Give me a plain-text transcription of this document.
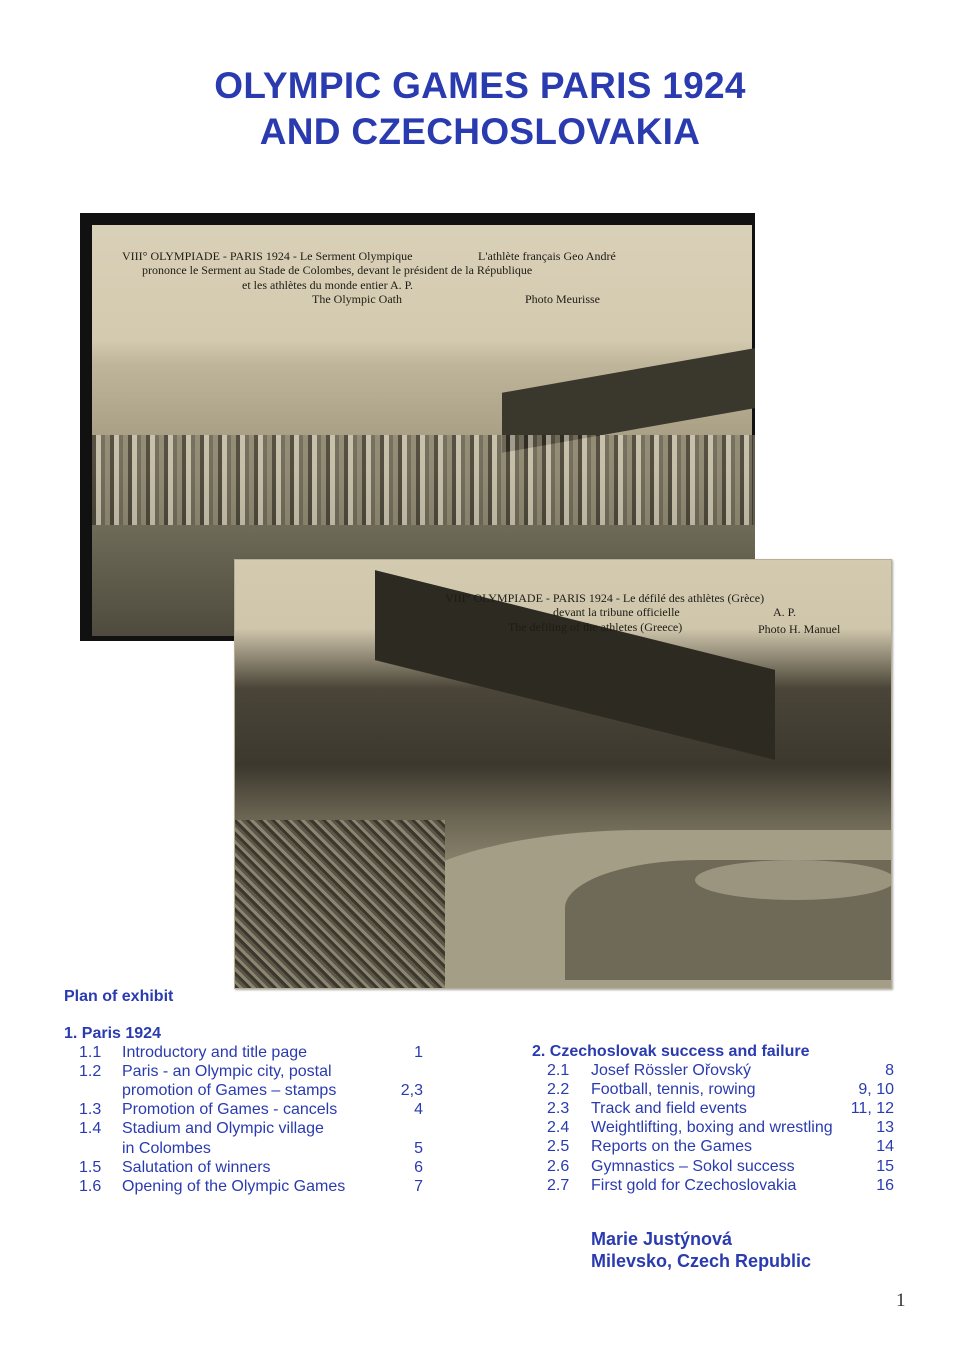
OLYMPIC GAMES PARIS 1924
AND CZECHOSLOVAKIA
VIII° OLYMPIADE - PARIS 1924 - Le Serment Olympique	L'athlète français Geo André
prononce le Serment au Stade de Colombes, devant le président de la République
et les athlètes du monde entier A. P.
The Olympic Oath	Photo Meurisse
VIII° OLYMPIADE - PARIS 1924 - Le défilé des athlètes (Grèce)
devant la tribune officielle	A. P.
The defiling of the athletes (Greece)	Photo H. Manuel
Plan of exhibit
1. Paris 1924
1.1 Introductory and title page	1
1.2 Paris - an Olympic city, postal
promotion of Games – stamps	2,3
1.3 Promotion of Games - cancels	4
1.4 Stadium and Olympic village
in Colombes	5
1.5 Salutation of winners	6
1.6 Opening of the Olympic Games	7
2. Czechoslovak success and failure
2.1 Josef Rössler Ořovský	8
2.2 Football, tennis, rowing	9, 10
2.3 Track and field events	11, 12
2.4 Weightlifting, boxing and wrestling	13
2.5 Reports on the Games	14
2.6 Gymnastics – Sokol success	15
2.7 First gold for Czechoslovakia	16
Marie Justýnová
Milevsko, Czech Republic
1
